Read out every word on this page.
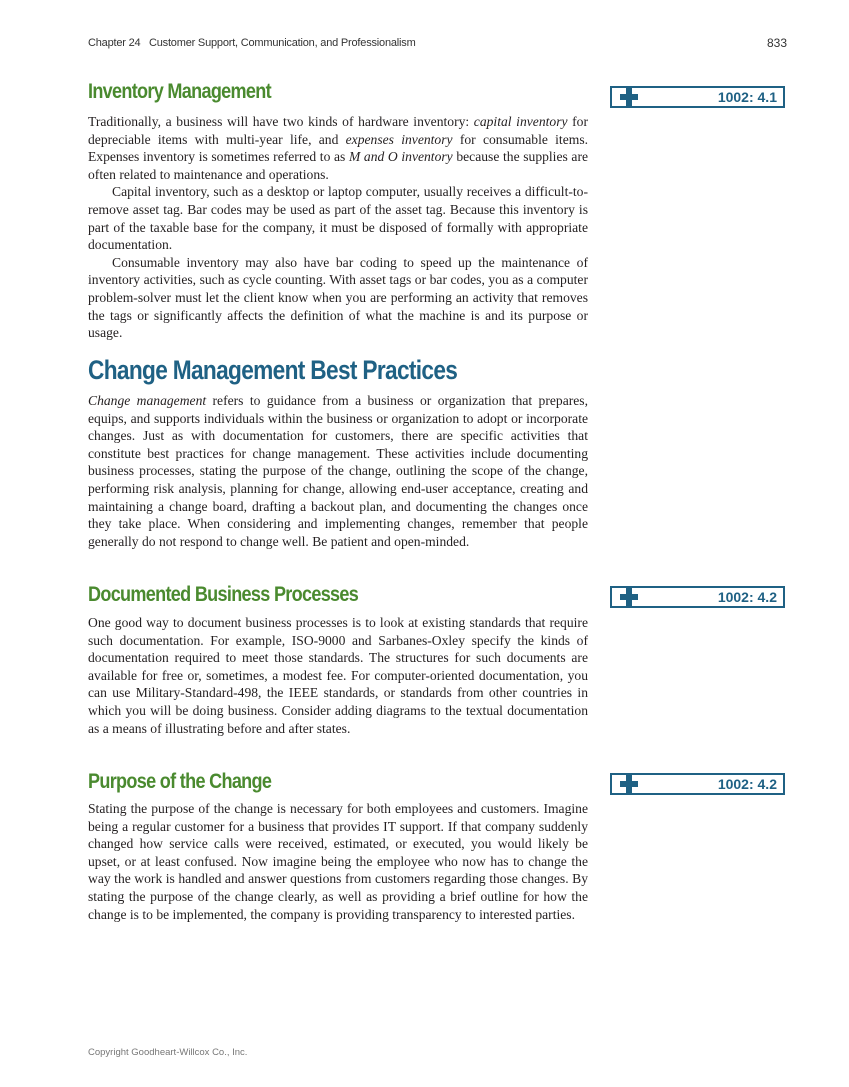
Chapter 24   Customer Support, Communication, and Professionalism	833
Inventory Management	1002: 4.1

Traditionally, a business will have two kinds of hardware inventory: capital inventory for depreciable items with multi-year life, and expenses inventory for consumable items. Expenses inventory is sometimes referred to as M and O inventory because the supplies are often related to maintenance and operations.

Capital inventory, such as a desktop or laptop computer, usually receives a difficult-to-remove asset tag. Bar codes may be used as part of the asset tag. Because this inventory is part of the taxable base for the company, it must be disposed of formally with appropriate documentation.

Consumable inventory may also have bar coding to speed up the maintenance of inventory activities, such as cycle counting. With asset tags or bar codes, you as a computer problem-solver must let the client know when you are performing an activity that removes the tags or significantly affects the definition of what the machine is and its purpose or usage.

Change Management Best Practices

Change management refers to guidance from a business or organization that prepares, equips, and supports individuals within the business or organization to adopt or incorporate changes. Just as with documentation for customers, there are specific activities that constitute best practices for change management. These activities include documenting business processes, stating the purpose of the change, outlining the scope of the change, performing risk analysis, planning for change, allowing end-user acceptance, creating and maintaining a change board, drafting a backout plan, and documenting the changes once they take place. When considering and implementing changes, remember that people generally do not respond to change well. Be patient and open-minded.

Documented Business Processes	1002: 4.2

One good way to document business processes is to look at existing standards that require such documentation. For example, ISO-9000 and Sarbanes-Oxley specify the kinds of documentation required to meet those standards. The structures for such documents are available for free or, sometimes, a modest fee. For computer-oriented documentation, you can use Military-Standard-498, the IEEE standards, or standards from other countries in which you will be doing business. Consider adding diagrams to the textual documentation as a means of illustrating before and after states.

Purpose of the Change	1002: 4.2

Stating the purpose of the change is necessary for both employees and customers. Imagine being a regular customer for a business that provides IT support. If that company suddenly changed how service calls were received, estimated, or executed, you would likely be upset, or at least confused. Now imagine being the employee who now has to change the way the work is handled and answer questions from customers regarding those changes. By stating the purpose of the change clearly, as well as providing a brief outline for how the change is to be implemented, the company is providing transparency to interested parties.

Copyright Goodheart-Willcox Co., Inc.
